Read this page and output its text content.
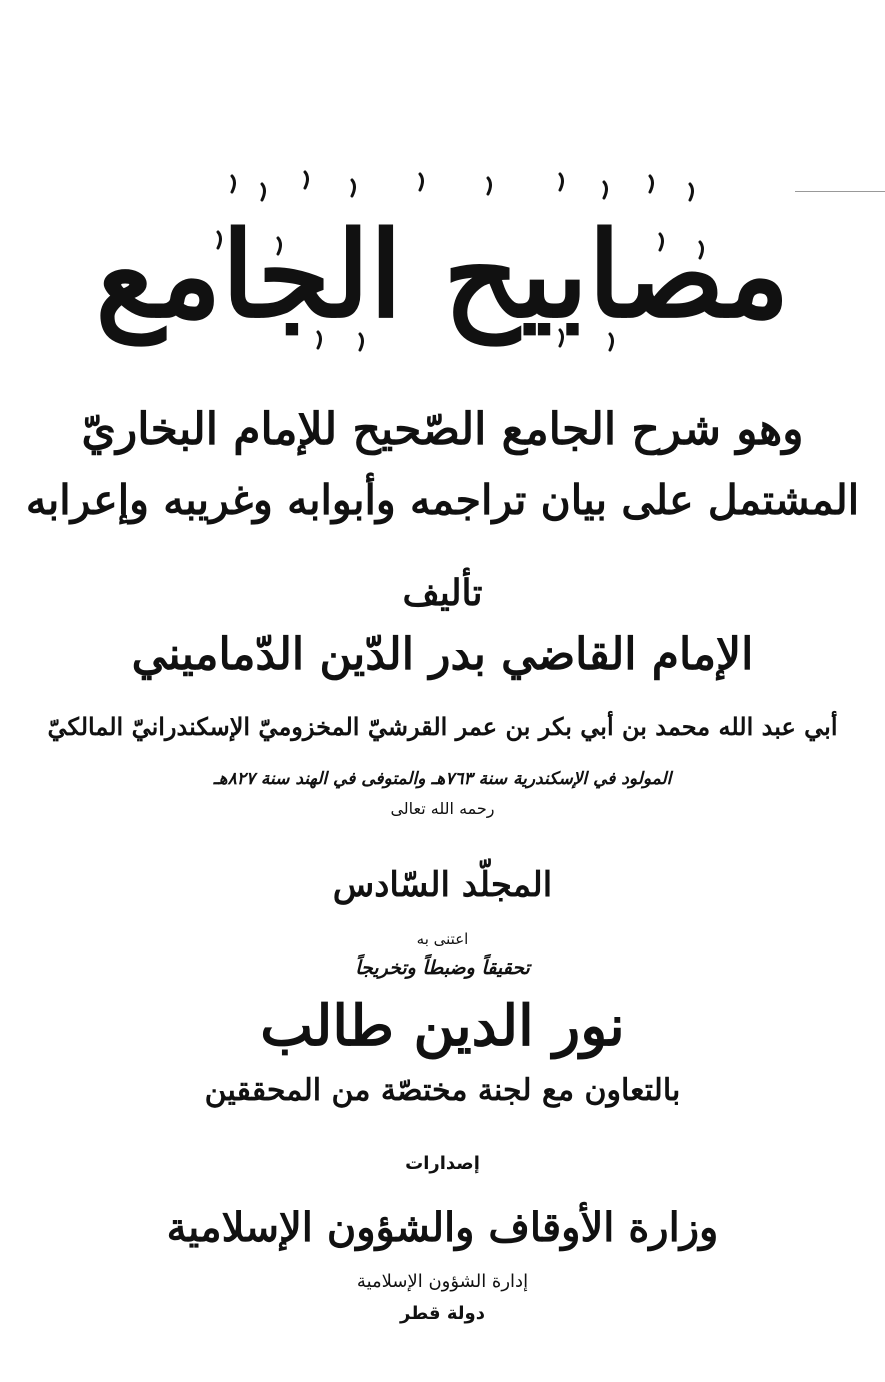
مصابيح الجامع
وهو شرح الجامع الصّحيح للإمام البخاريّ
المشتمل على بيان تراجمه وأبوابه وغريبه وإعرابه
تأليف
الإمام القاضي بدر الدّين الدّماميني
أبي عبد الله محمد بن أبي بكر بن عمر القرشيّ المخزوميّ الإسكندرانيّ المالكيّ
المولود في الإسكندرية سنة ٧٦٣هـ والمتوفى في الهند سنة ٨٢٧هـ
رحمه الله تعالى
المجلّد السّادس
اعتنى به
تحقيقاً وضبطاً وتخريجاً
نور الدين طالب
بالتعاون مع لجنة مختصّة من المحققين
إصدارات
وزارة الأوقاف والشؤون الإسلامية
إدارة الشؤون الإسلامية
دولة قطر
